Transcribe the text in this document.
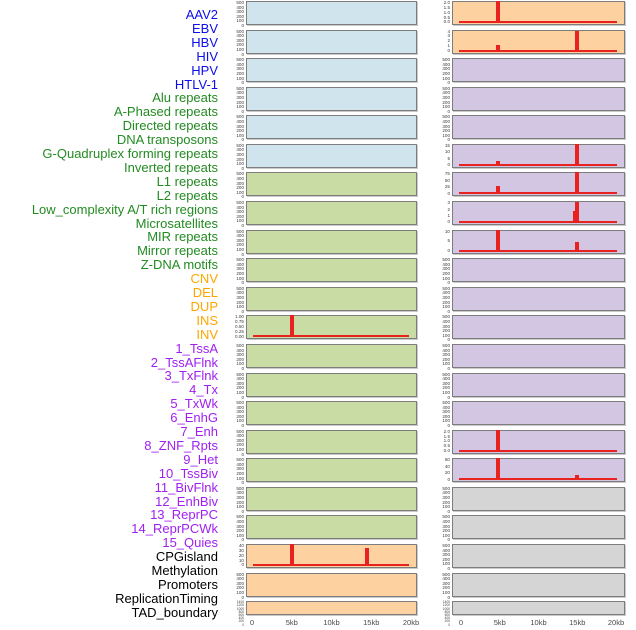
AAV2
EBV
HBV
HIV
HPV
HTLV-1
Alu repeats
A-Phased repeats
Directed repeats
DNA transposons
G-Quadruplex forming repeats
Inverted repeats
L1 repeats
L2 repeats
Low_complexity A/T rich regions
Microsatellites
MIR repeats
Mirror repeats
Z-DNA motifs
CNV
DEL
DUP
INS
INV
1_TssA
2_TssAFlnk
3_TxFlnk
4_Tx
5_TxWk
6_EnhG
7_Enh
8_ZNF_Rpts
9_Het
10_TssBiv
11_BivFlnk
12_EnhBiv
13_ReprPC
14_ReprPCWk
15_Quies
CPGisland
Methylation
Promoters
ReplicationTiming
TAD_boundary
500
400
300
200
100
0
2.0
1.5
1.0
0.5
0.0
500
400
300
200
100
0
4
3
2
1
0
500
400
300
200
100
0
500
400
300
200
100
0
500
400
300
200
100
0
500
400
300
200
100
0
500
400
300
200
100
0
500
400
300
200
100
0
500
400
300
200
100
0
15
10
5
0
500
400
300
200
100
0
75
50
25
0
500
400
300
200
100
0
3
2
1
0
500
400
300
200
100
0
10
5
0
500
400
300
200
100
0
500
400
300
200
100
0
500
400
300
200
100
0
500
400
300
200
100
0
1.00
0.75
0.50
0.25
0.00
500
400
300
200
100
0
500
400
300
200
100
0
500
400
300
200
100
0
500
400
300
200
100
0
500
400
300
200
100
0
500
400
300
200
100
0
500
400
300
200
100
0
500
400
300
200
100
0
2.0
1.5
1.0
0.5
0.0
500
400
300
200
100
0
60
40
20
0
500
400
300
200
100
0
500
400
300
200
100
0
500
400
300
200
100
0
500
400
300
200
100
0
40
30
20
10
0
500
400
300
200
100
0
500
400
300
200
100
0
500
400
300
200
100
0
1400
1200
1000
800
600
400
200
0
1400
1200
1000
800
600
400
200
0
0	5kb	10kb	15kb	20kb	0	5kb	10kb	15kb	20kb
